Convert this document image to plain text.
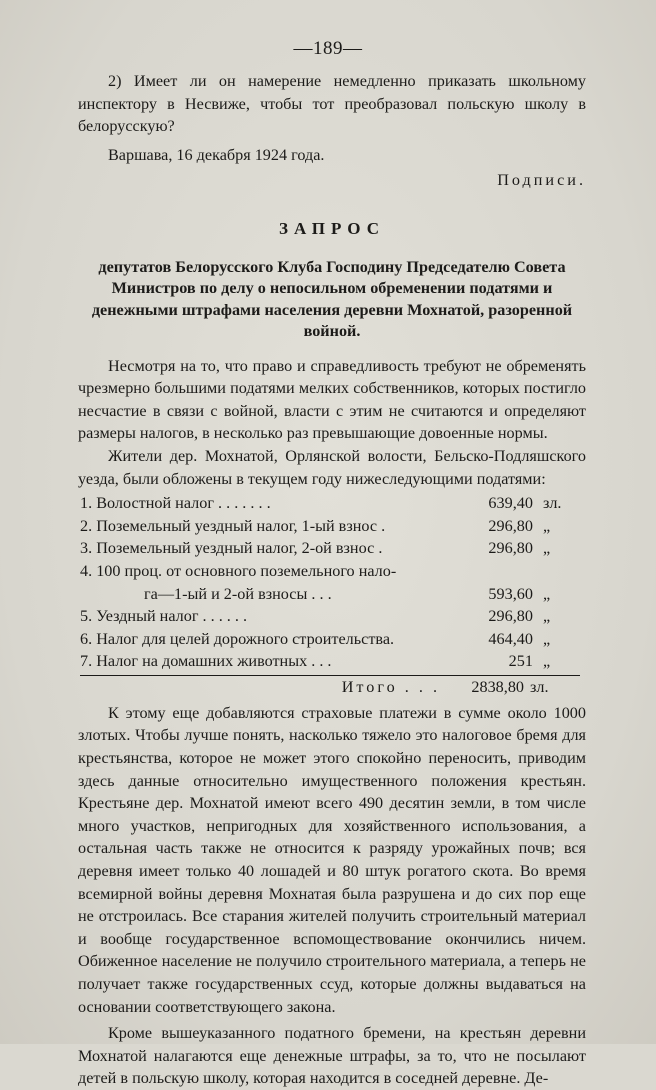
—189—

2) Имеет ли он намерение немедленно приказать школьному инспектору в Несвиже, чтобы тот преобразовал польскую школу в белорусскую?

Варшава, 16 декабря 1924 года.

Подписи.

ЗАПРОС

депутатов Белорусского Клуба Господину Председателю Совета Министров по делу о непосильном обременении податями и денежными штрафами населения деревни Мохнатой, разоренной войной.

Несмотря на то, что право и справедливость требуют не обременять чрезмерно большими податями мелких собственников, которых постигло несчастие в связи с войной, власти с этим не считаются и определяют размеры налогов, в несколько раз превышающие довоенные нормы.

Жители дер. Мохнатой, Орлянской волости, Бельско-Подляшского уезда, были обложены в текущем году нижеследующими податями:

1. Волостной налог . . . . . . .	639,40	зл.
2. Поземельный уездный налог, 1-ый взнос .	296,80	„
3. Поземельный уездный налог, 2-ой взнос .	296,80	„
4. 100 проц. от основного поземельного нало-		
га—1-ый и 2-ой взносы . . .	593,60	„
5. Уездный налог . . . . . .	296,80	„
6. Налог для целей дорожного строительства.	464,40	„
7. Налог на домашних животных . . .	251	„
Итого . . .	2838,80 зл.

К этому еще добавляются страховые платежи в сумме около 1000 злотых. Чтобы лучше понять, насколько тяжело это налоговое бремя для крестьянства, которое не может этого спокойно переносить, приводим здесь данные относительно имущественного положения крестьян. Крестьяне дер. Мохнатой имеют всего 490 десятин земли, в том числе много участков, непригодных для хозяйственного использования, а остальная часть также не относится к разряду урожайных почв; вся деревня имеет только 40 лошадей и 80 штук рогатого скота. Во время всемирной войны деревня Мохнатая была разрушена и до сих пор еще не отстроилась. Все старания жителей получить строительный материал и вообще государственное вспомоществование окончились ничем. Обиженное население не получило строительного материала, а теперь не получает также государственных ссуд, которые должны выдаваться на основании соответствующего закона.

Кроме вышеуказанного податного бремени, на крестьян деревни Мохнатой налагаются еще денежные штрафы, за то, что не посылают детей в польскую школу, которая находится в соседней деревне. Де-
